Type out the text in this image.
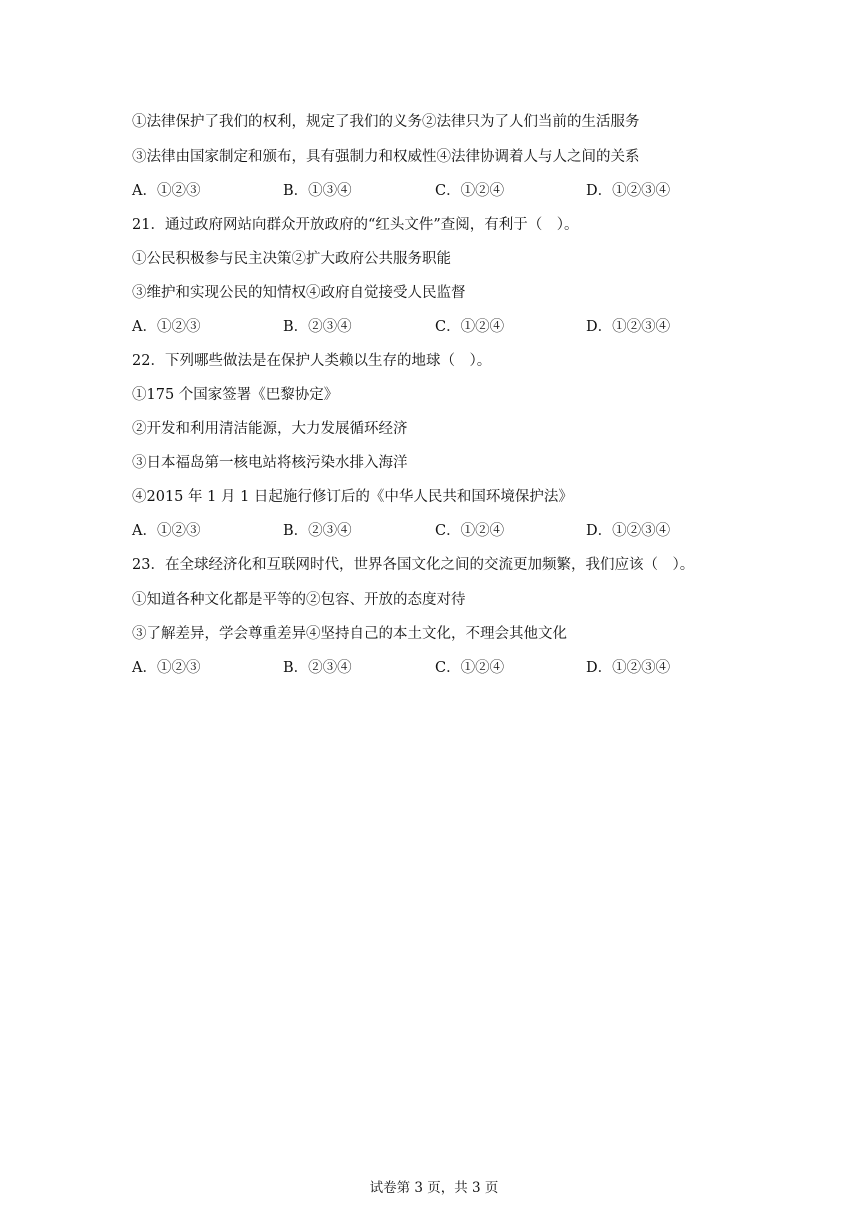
①法律保护了我们的权利，规定了我们的义务②法律只为了人们当前的生活服务
③法律由国家制定和颁布，具有强制力和权威性④法律协调着人与人之间的关系
A．①②③	B．①③④	C．①②④	D．①②③④
21．通过政府网站向群众开放政府的“红头文件”查阅，有利于（　）。
①公民积极参与民主决策②扩大政府公共服务职能
③维护和实现公民的知情权④政府自觉接受人民监督
A．①②③	B．②③④	C．①②④	D．①②③④
22．下列哪些做法是在保护人类赖以生存的地球（　）。
①175 个国家签署《巴黎协定》
②开发和利用清洁能源，大力发展循环经济
③日本福岛第一核电站将核污染水排入海洋
④2015 年 1 月 1 日起施行修订后的《中华人民共和国环境保护法》
A．①②③	B．②③④	C．①②④	D．①②③④
23．在全球经济化和互联网时代，世界各国文化之间的交流更加频繁，我们应该（　）。
①知道各种文化都是平等的②包容、开放的态度对待
③了解差异，学会尊重差异④坚持自己的本土文化，不理会其他文化
A．①②③	B．②③④	C．①②④	D．①②③④
试卷第 3 页，共 3 页
